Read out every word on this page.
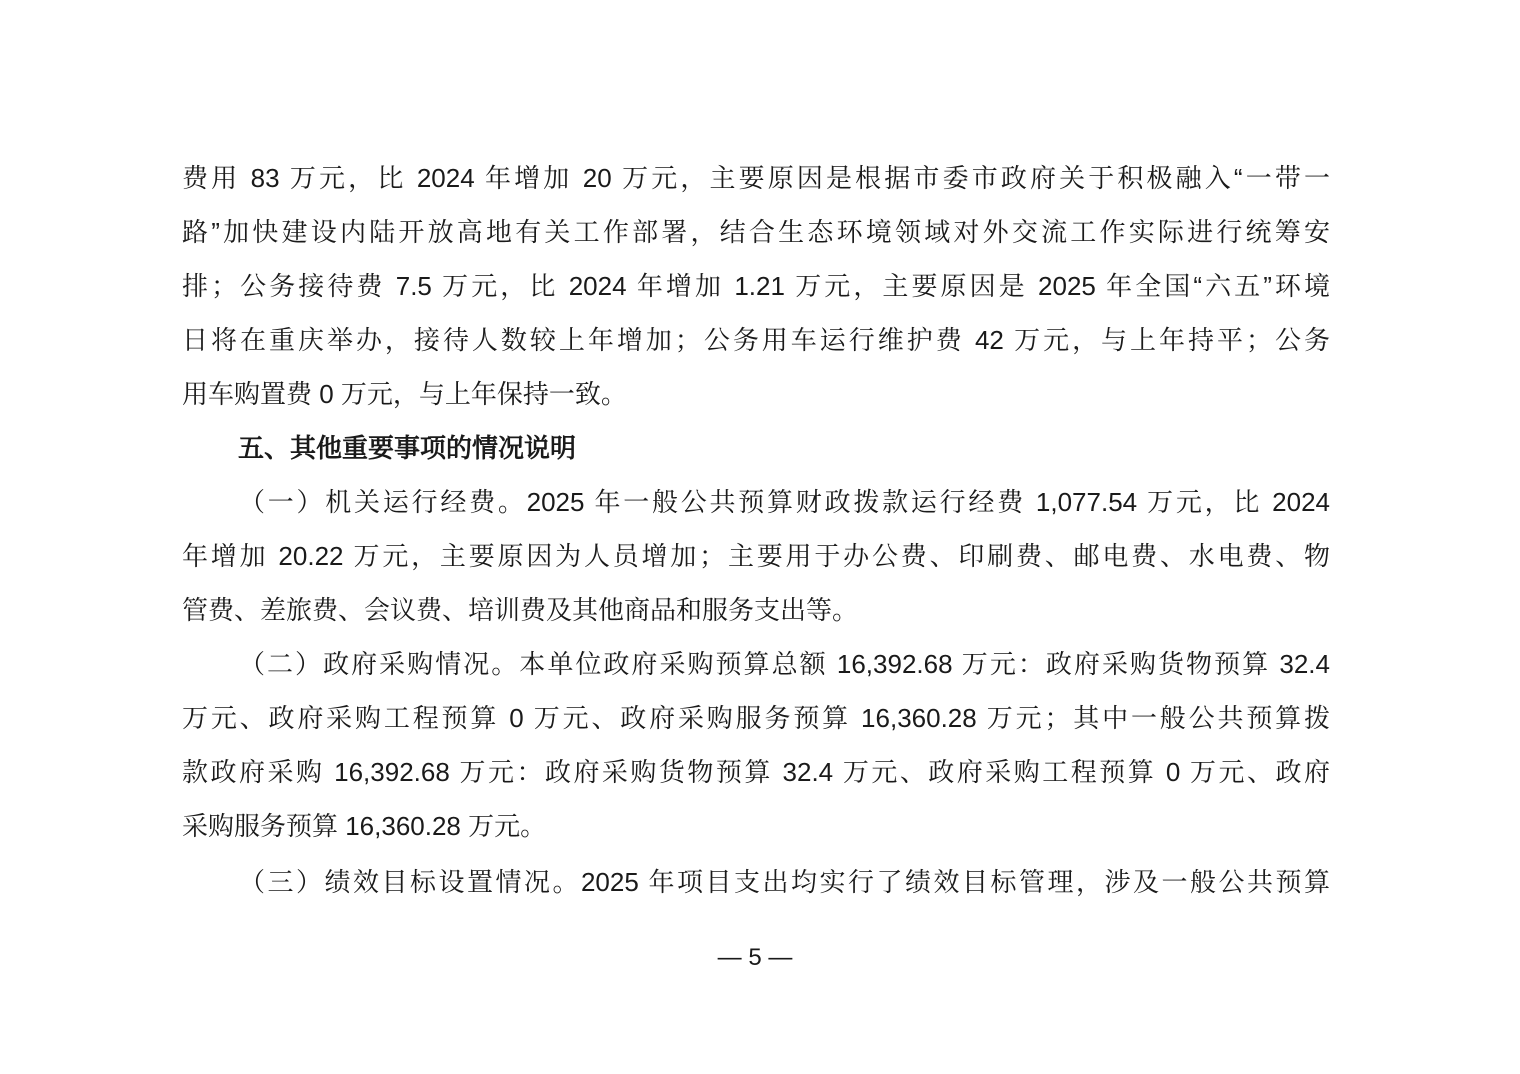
费用 83 万元，比 2024 年增加 20 万元，主要原因是根据市委市政府关于积极融入“一带一
路”加快建设内陆开放高地有关工作部署，结合生态环境领域对外交流工作实际进行统筹安
排；公务接待费 7.5 万元，比 2024 年增加 1.21 万元，主要原因是 2025 年全国“六五”环境
日将在重庆举办，接待人数较上年增加；公务用车运行维护费 42 万元，与上年持平；公务
用车购置费 0 万元，与上年保持一致。
五、其他重要事项的情况说明
（一）机关运行经费。2025 年一般公共预算财政拨款运行经费 1,077.54 万元，比 2024
年增加 20.22 万元，主要原因为人员增加；主要用于办公费、印刷费、邮电费、水电费、物
管费、差旅费、会议费、培训费及其他商品和服务支出等。
（二）政府采购情况。本单位政府采购预算总额 16,392.68 万元：政府采购货物预算 32.4
万元、政府采购工程预算 0 万元、政府采购服务预算 16,360.28 万元；其中一般公共预算拨
款政府采购 16,392.68 万元：政府采购货物预算 32.4 万元、政府采购工程预算 0 万元、政府
采购服务预算 16,360.28 万元。
（三）绩效目标设置情况。2025 年项目支出均实行了绩效目标管理，涉及一般公共预算
— 5 —
